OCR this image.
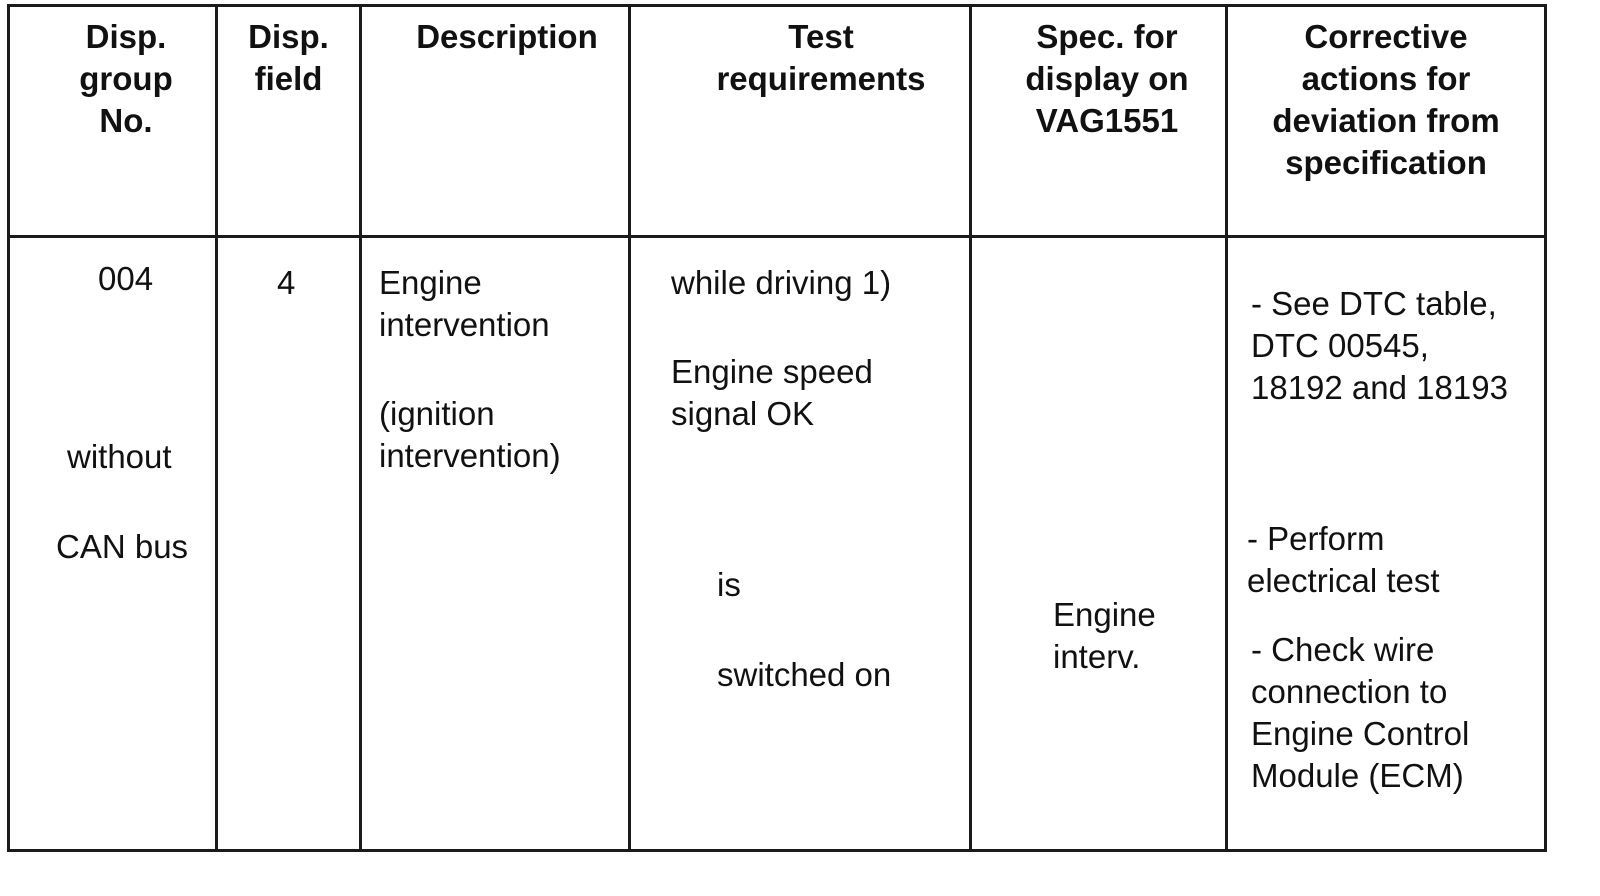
Disp.
group
No.
Disp.
field
Description	Test
requirements
Spec. for
display on
VAG1551
Corrective
actions for
deviation from
specification
004
without
CAN bus
4	Engine
intervention
(ignition
intervention)
while driving 1)
Engine speed
signal OK
is
switched on
Engine
interv.
- See DTC table,
DTC 00545,
18192 and 18193
- Perform
electrical test
- Check wire
connection to
Engine Control
Module (ECM)
